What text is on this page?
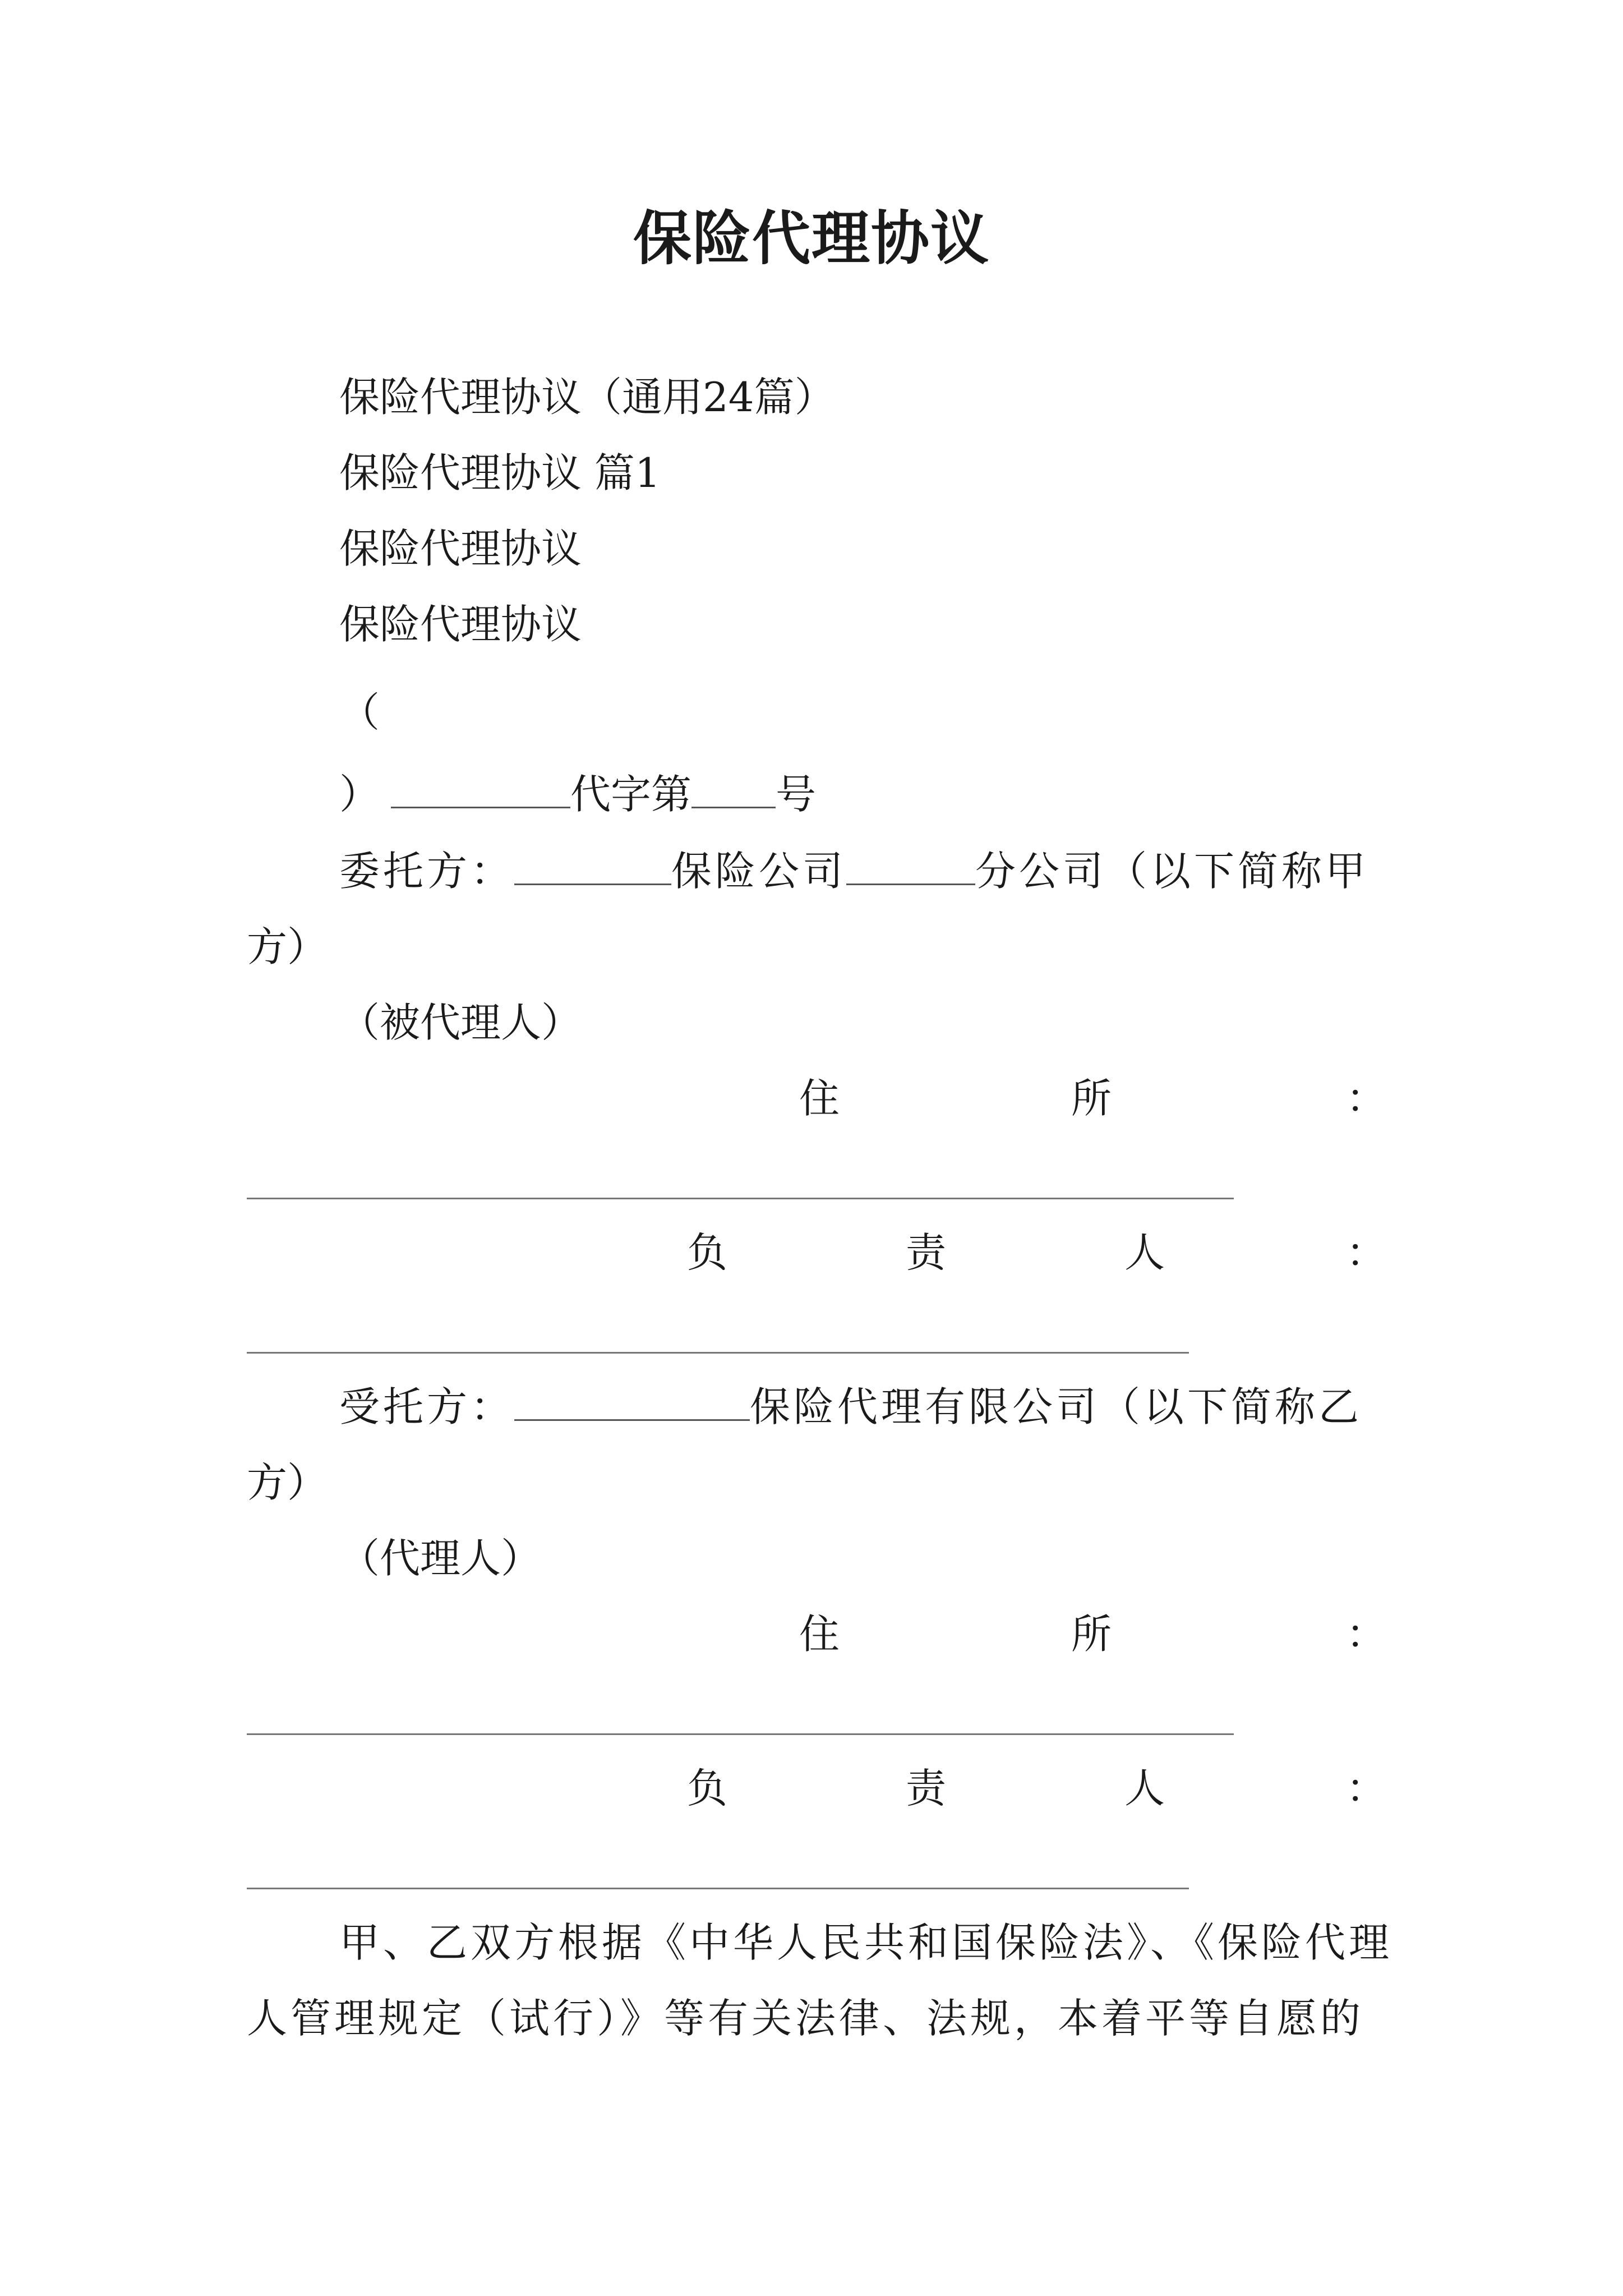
保险代理协议
保险代理协议（通用24篇）
保险代理协议 篇1
保险代理协议
保险代理协议
（
）	代字第 号
委托方：	保险公司	分公司（以下简称甲
方）
（被代理人）
住	所	：
负	责	人	：
受托方：	保险代理有限公司（以下简称乙
方）
（代理人）
住	所	：
负	责	人	：
甲、乙双方根据《中华人民共和国保险法》、《保险代理
人管理规定（试行）》等有关法律、法规，本着平等自愿的
